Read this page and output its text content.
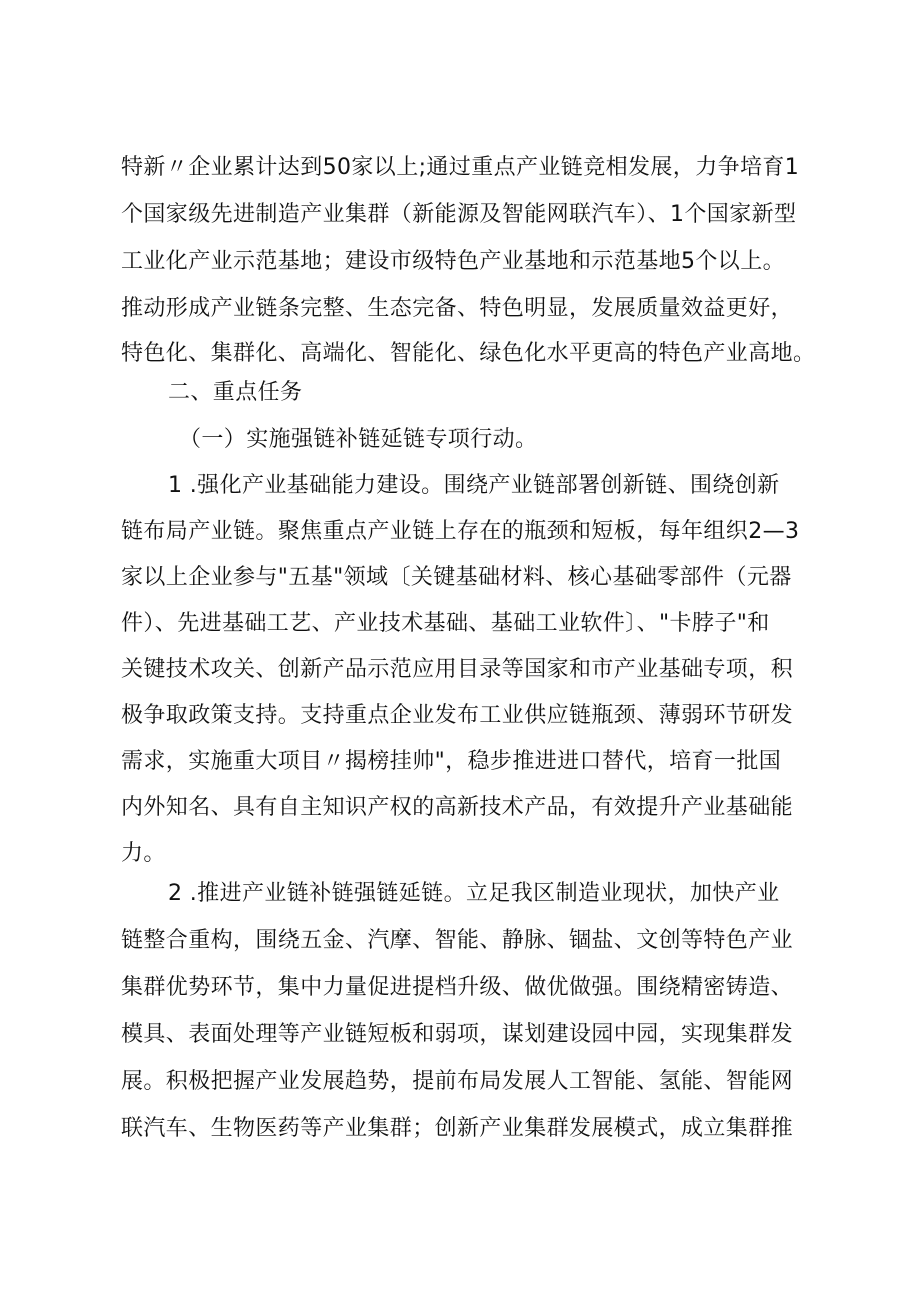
特新〃企业累计达到50家以上;通过重点产业链竞相发展，力争培育1
个国家级先进制造产业集群（新能源及智能网联汽车）、1个国家新型
工业化产业示范基地；建设市级特色产业基地和示范基地5个以上。
推动形成产业链条完整、生态完备、特色明显，发展质量效益更好，
特色化、集群化、高端化、智能化、绿色化水平更高的特色产业高地。
二、重点任务
（一）实施强链补链延链专项行动。
1 .强化产业基础能力建设。围绕产业链部署创新链、围绕创新
链布局产业链。聚焦重点产业链上存在的瓶颈和短板，每年组织2—3
家以上企业参与"五基"领域〔关键基础材料、核心基础零部件（元器
件）、先进基础工艺、产业技术基础、基础工业软件〕、"卡脖子"和
关键技术攻关、创新产品示范应用目录等国家和市产业基础专项，积
极争取政策支持。支持重点企业发布工业供应链瓶颈、薄弱环节研发
需求，实施重大项目〃揭榜挂帅"，稳步推进进口替代，培育一批国
内外知名、具有自主知识产权的高新技术产品，有效提升产业基础能
力。
2 .推进产业链补链强链延链。立足我区制造业现状，加快产业
链整合重构，围绕五金、汽摩、智能、静脉、锢盐、文创等特色产业
集群优势环节，集中力量促进提档升级、做优做强。围绕精密铸造、
模具、表面处理等产业链短板和弱项，谋划建设园中园，实现集群发
展。积极把握产业发展趋势，提前布局发展人工智能、氢能、智能网
联汽车、生物医药等产业集群；创新产业集群发展模式，成立集群推
